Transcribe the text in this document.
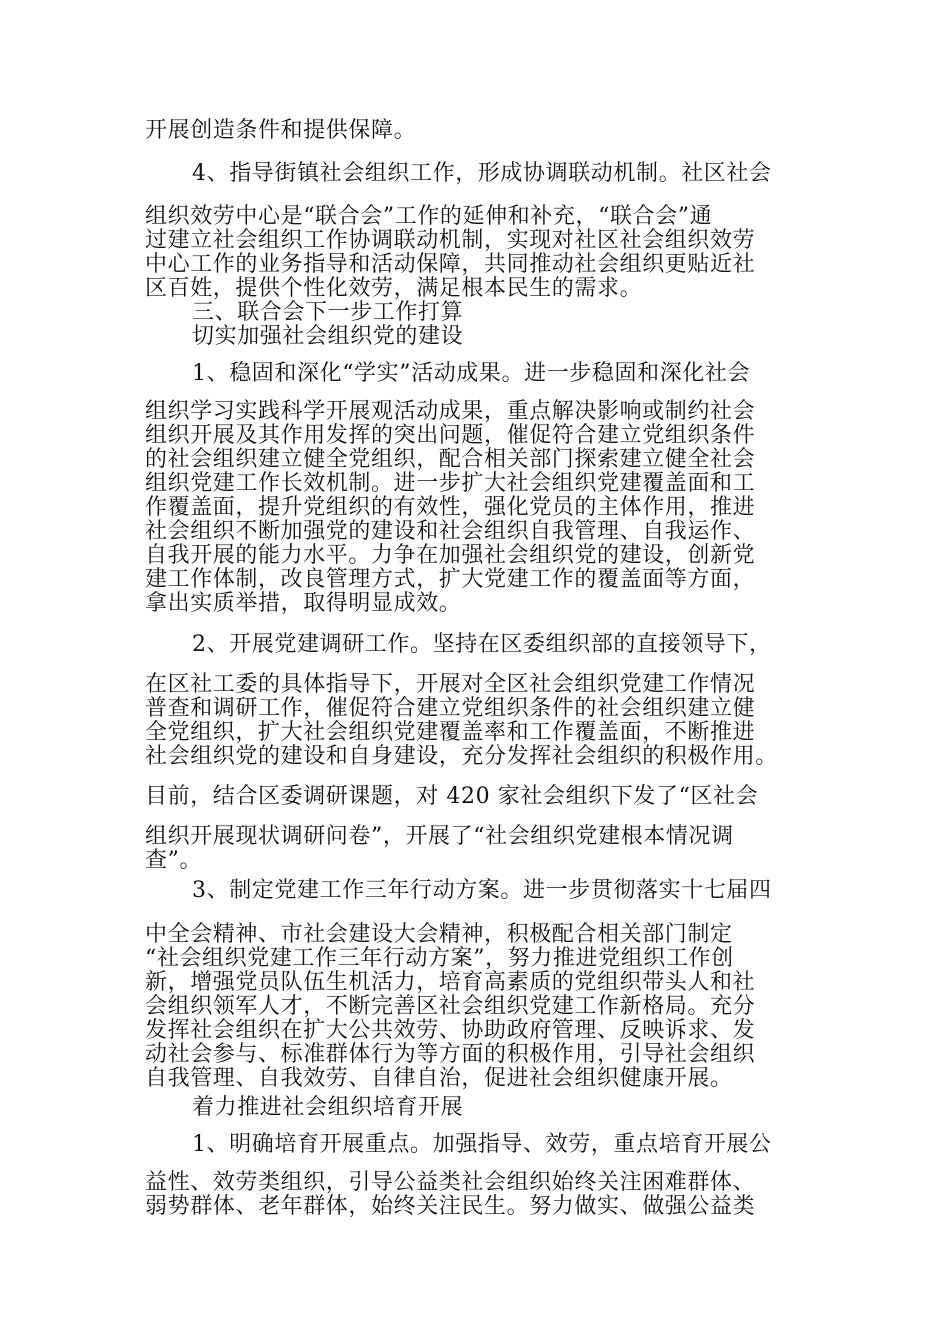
开展创造条件和提供保障。
4、指导街镇社会组织工作，形成协调联动机制。社区社会
组织效劳中心是“联合会”工作的延伸和补充，“联合会”通
过建立社会组织工作协调联动机制，实现对社区社会组织效劳
中心工作的业务指导和活动保障，共同推动社会组织更贴近社
区百姓，提供个性化效劳，满足根本民生的需求。
三、联合会下一步工作打算
切实加强社会组织党的建设
1、稳固和深化“学实”活动成果。进一步稳固和深化社会
组织学习实践科学开展观活动成果，重点解决影响或制约社会
组织开展及其作用发挥的突出问题，催促符合建立党组织条件
的社会组织建立健全党组织，配合相关部门探索建立健全社会
组织党建工作长效机制。进一步扩大社会组织党建覆盖面和工
作覆盖面，提升党组织的有效性，强化党员的主体作用，推进
社会组织不断加强党的建设和社会组织自我管理、自我运作、
自我开展的能力水平。力争在加强社会组织党的建设，创新党
建工作体制，改良管理方式，扩大党建工作的覆盖面等方面，
拿出实质举措，取得明显成效。
2、开展党建调研工作。坚持在区委组织部的直接领导下，
在区社工委的具体指导下，开展对全区社会组织党建工作情况
普查和调研工作，催促符合建立党组织条件的社会组织建立健
全党组织，扩大社会组织党建覆盖率和工作覆盖面，不断推进
社会组织党的建设和自身建设，充分发挥社会组织的积极作用。
目前，结合区委调研课题，对 420 家社会组织下发了“区社会
组织开展现状调研问卷”，开展了“社会组织党建根本情况调
查”。
3、制定党建工作三年行动方案。进一步贯彻落实十七届四
中全会精神、市社会建设大会精神，积极配合相关部门制定
“社会组织党建工作三年行动方案”，努力推进党组织工作创
新，增强党员队伍生机活力，培育高素质的党组织带头人和社
会组织领军人才，不断完善区社会组织党建工作新格局。充分
发挥社会组织在扩大公共效劳、协助政府管理、反映诉求、发
动社会参与、标准群体行为等方面的积极作用，引导社会组织
自我管理、自我效劳、自律自治，促进社会组织健康开展。
着力推进社会组织培育开展
1、明确培育开展重点。加强指导、效劳，重点培育开展公
益性、效劳类组织，引导公益类社会组织始终关注困难群体、
弱势群体、老年群体，始终关注民生。努力做实、做强公益类
